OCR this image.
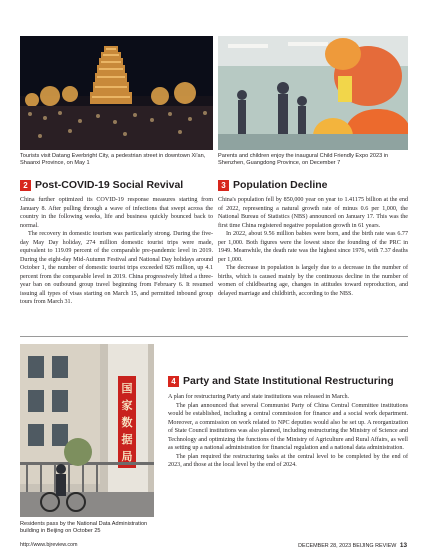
Tourists visit Datang Everbright City, a pedestrian street in downtown Xi'an, Shaanxi Province, on May 1
Parents and children enjoy the inaugural Child Friendly Expo 2023 in Shenzhen, Guangdong Province, on December 7
2 Post-COVID-19 Social Revival

China further optimized its COVID-19 response measures starting from January 8. After pulling through a wave of infections that swept across the country in the following weeks, life and business quickly bounced back to normal.

The recovery in domestic tourism was particularly strong. During the five-day May Day holiday, 274 million domestic tourist trips were made, equivalent to 119.09 percent of the comparable pre-pandemic level in 2019. During the eight-day Mid-Autumn Festival and National Day holidays around October 1, the number of domestic tourist trips exceeded 826 million, up 4.1 percent from the comparable level in 2019. China progressively lifted a three-year ban on outbound group travel beginning from February 6. It resumed issuing all types of visas starting on March 15, and permitted inbound group tours from March 31.

3 Population Decline

China's population fell by 850,000 year on year to 1.41175 billion at the end of 2022, representing a natural growth rate of minus 0.6 per 1,000, the National Bureau of Statistics (NBS) announced on January 17. This was the first time China registered negative population growth in 61 years.

In 2022, about 9.56 million babies were born, and the birth rate was 6.77 per 1,000. Both figures were the lowest since the founding of the PRC in 1949. Meanwhile, the death rate was the highest since 1976, with 7.37 deaths per 1,000.

The decrease in population is largely due to a decrease in the number of births, which is caused mainly by the continuous decline in the number of women of childbearing age, changes in attitudes toward reproduction, and delayed marriage and childbirth, according to the NBS.

国家数据局
Residents pass by the National Data Administration building in Beijing on October 25
4 Party and State Institutional Restructuring

A plan for restructuring Party and state institutions was released in March.

The plan announced that several Communist Party of China Central Committee institutions would be established, including a central commission for finance and a social work department. Moreover, a commission on work related to NPC deputies would also be set up. A reorganization of State Council institutions was also planned, including restructuring the Ministry of Science and Technology and optimizing the functions of the Ministry of Agriculture and Rural Affairs, as well as setting up a national administration for financial regulation and a national data administration.

The plan required the restructuring tasks at the central level to be completed by the end of 2023, and those at the local level by the end of 2024.

http://www.bjreview.com	DECEMBER 28, 2023 BEIJING REVIEW 13
